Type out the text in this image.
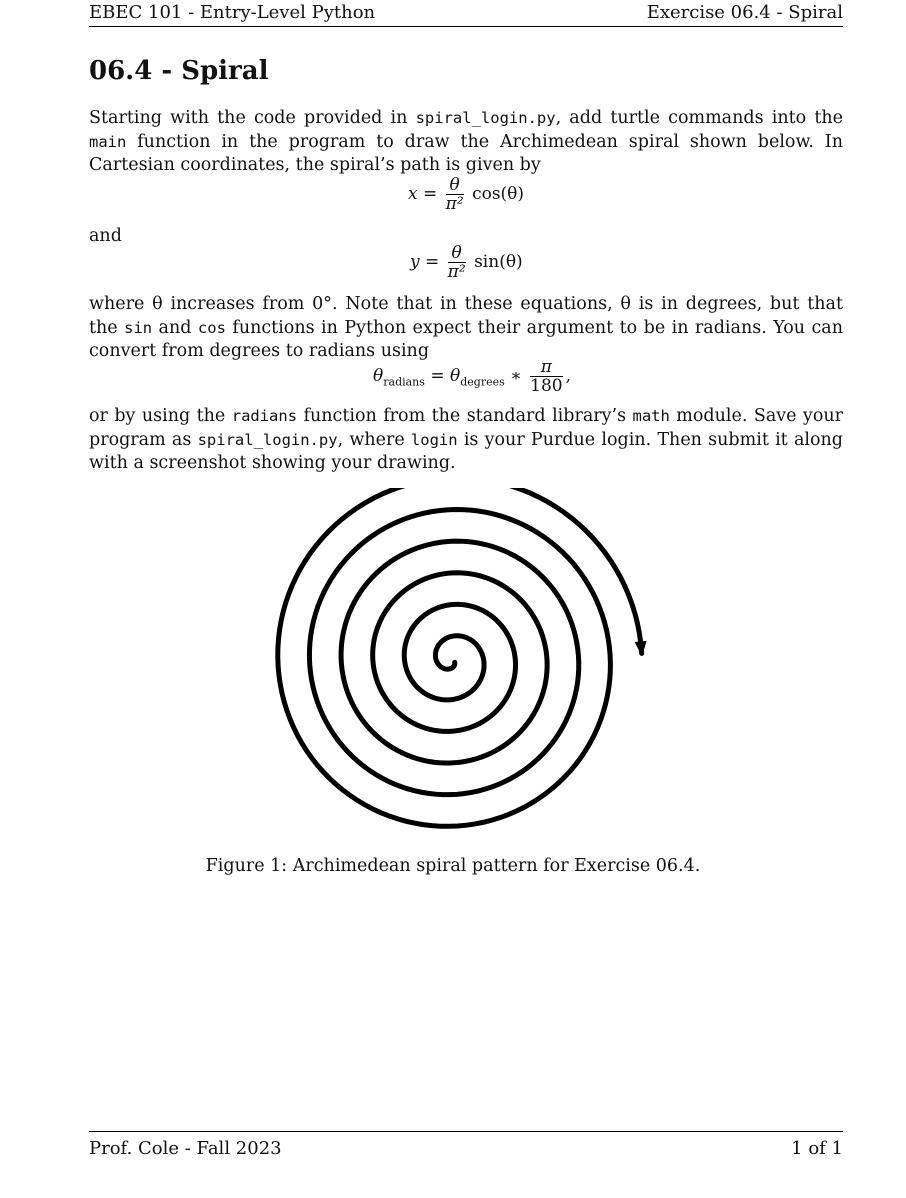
EBEC 101 - Entry-Level Python	Exercise 06.4 - Spiral
06.4 - Spiral
Starting with the code provided in spiral_login.py, add turtle commands into the main function in the program to draw the Archimedean spiral shown below. In Cartesian coordinates, the spiral’s path is given by
$x = \frac{\theta}{\text{π²}} \cos(\theta)$
and
$y = \frac{\theta}{\text{π²}} \sin(\theta)$
where θ increases from 0°. Note that in these equations, θ is in degrees, but that the sin and cos functions in Python expect their argument to be in radians. You can convert from degrees to radians using
$\theta_{radians} = \theta_{degrees}$ ∗ $\frac{\pi}{180}$ ,
or by using the radians function from the standard library’s math module. Save your program as spiral_login.py, where login is your Purdue login. Then submit it along with a screenshot showing your drawing.
Figure 1: Archimedean spiral pattern for Exercise 06.4.
Prof. Cole - Fall 2023	1 of 1
